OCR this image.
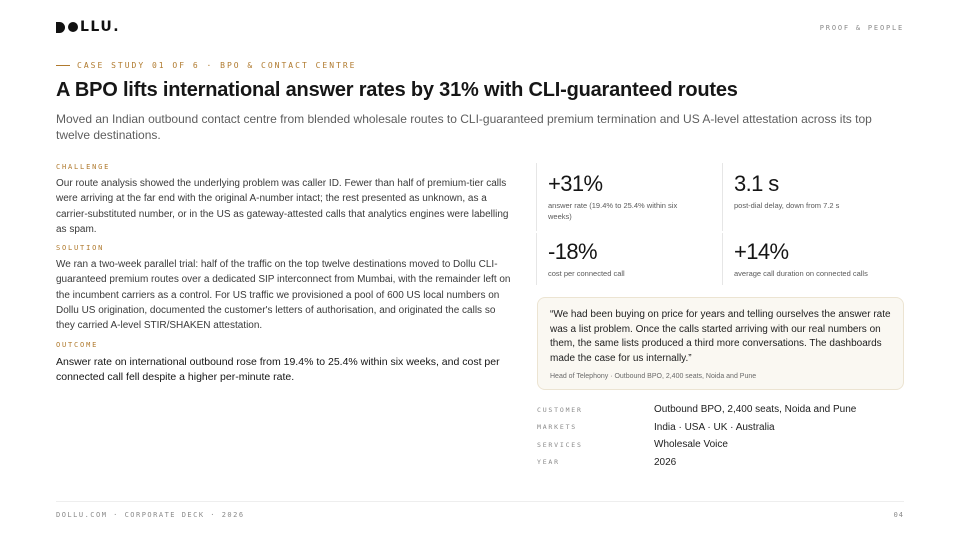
LLU.	PROOF & PEOPLE
CASE STUDY 01 OF 6 · BPO & CONTACT CENTRE
A BPO lifts international answer rates by 31% with CLI-guaranteed routes

Moved an Indian outbound contact centre from blended wholesale routes to CLI-guaranteed premium termination and US A-level attestation across its top twelve destinations.

CHALLENGE

Our route analysis showed the underlying problem was caller ID. Fewer than half of premium-tier calls were arriving at the far end with the original A-number intact; the rest presented as unknown, as a carrier-substituted number, or in the US as gateway-attested calls that analytics engines were labelling as spam.

SOLUTION

We ran a two-week parallel trial: half of the traffic on the top twelve destinations moved to Dollu CLI-guaranteed premium routes over a dedicated SIP interconnect from Mumbai, with the remainder left on the incumbent carriers as a control. For US traffic we provisioned a pool of 600 US local numbers on Dollu US origination, documented the customer's letters of authorisation, and originated the calls so they carried A-level STIR/SHAKEN attestation.

OUTCOME

Answer rate on international outbound rose from 19.4% to 25.4% within six weeks, and cost per connected call fell despite a higher per-minute rate.

+31%
answer rate (19.4% to 25.4% within six weeks)
3.1 s
post-dial delay, down from 7.2 s
-18%
cost per connected call
+14%
average call duration on connected calls

“We had been buying on price for years and telling ourselves the answer rate was a list problem. Once the calls started arriving with our real numbers on them, the same lists produced a third more conversations. The dashboards made the case for us internally.”

Head of Telephony · Outbound BPO, 2,400 seats, Noida and Pune

CUSTOMER	Outbound BPO, 2,400 seats, Noida and Pune
MARKETS	India · USA · UK · Australia
SERVICES	Wholesale Voice
YEAR	2026
DOLLU.COM · CORPORATE DECK · 2026	04
